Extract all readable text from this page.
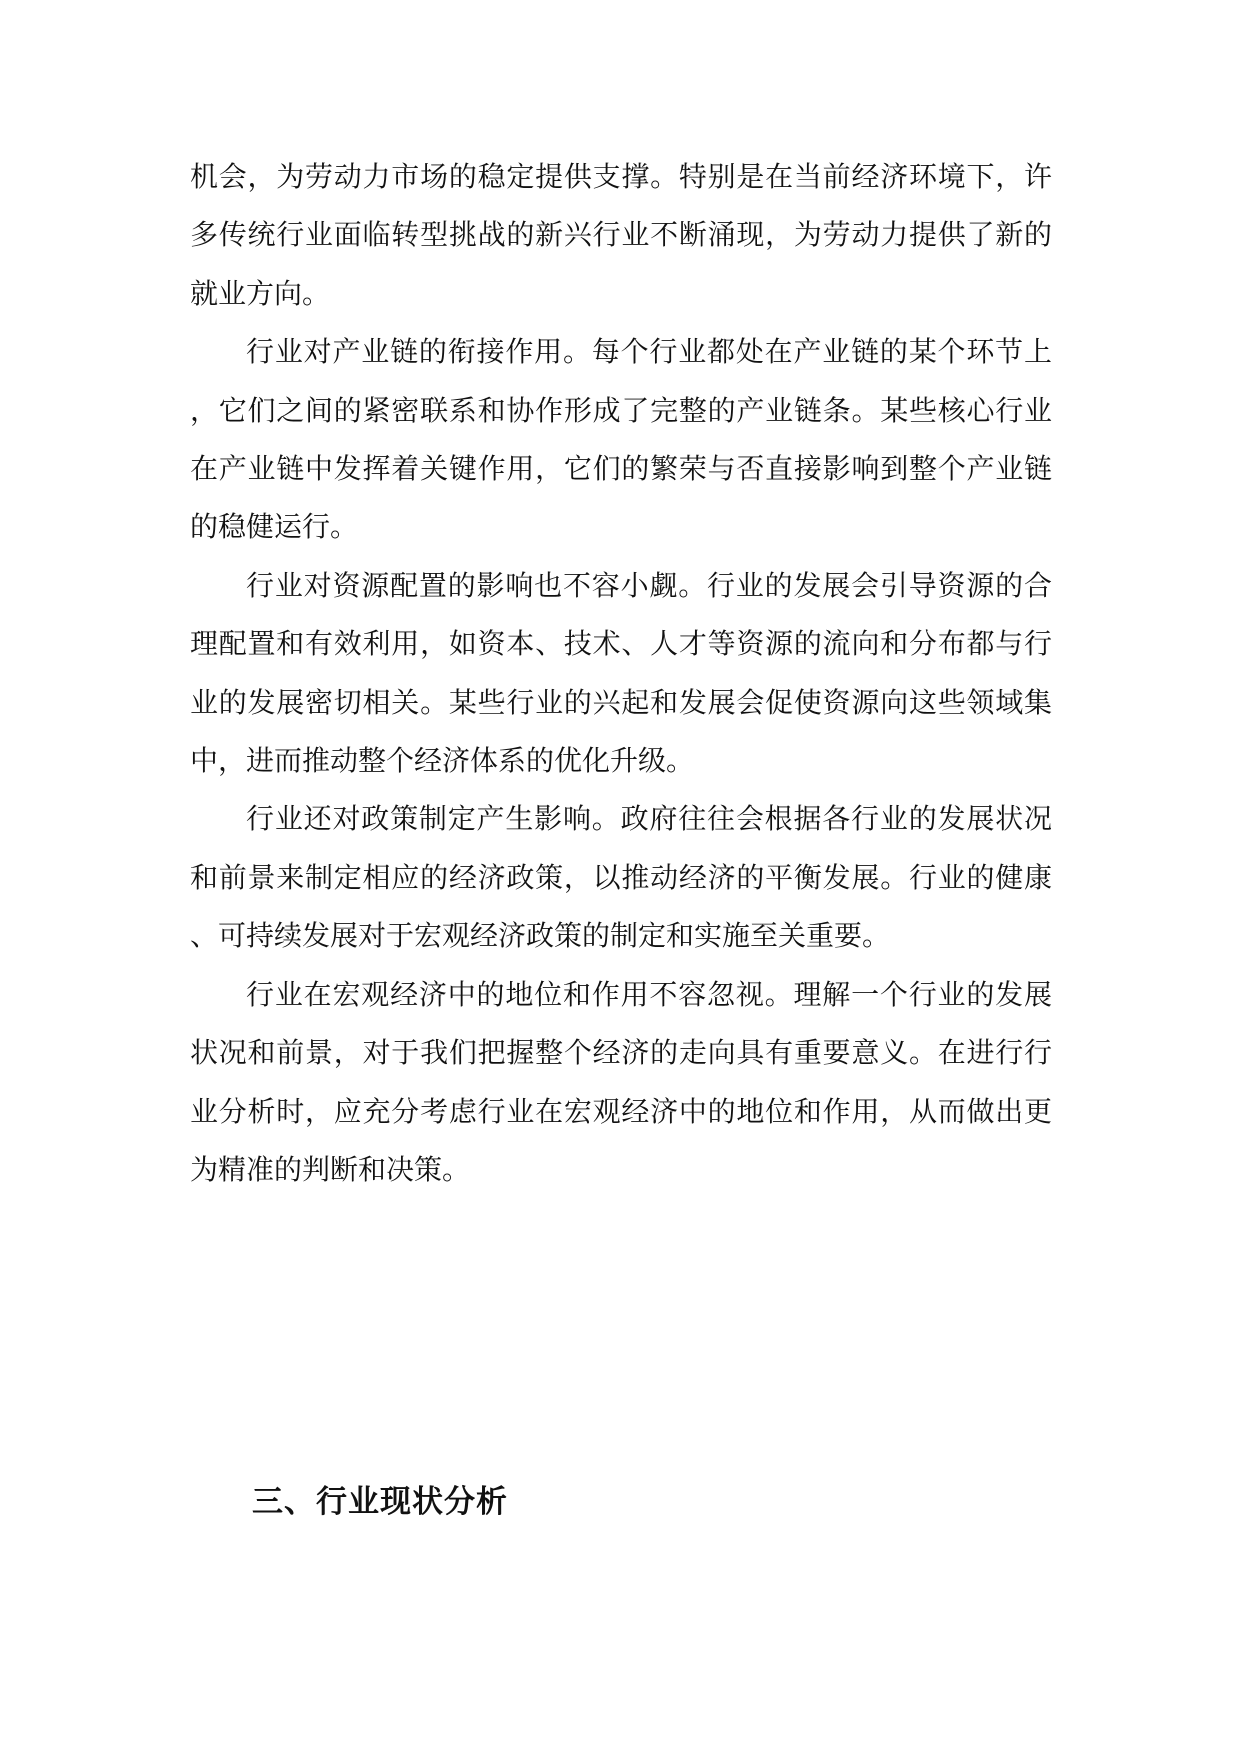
机会，为劳动力市场的稳定提供支撑。特别是在当前经济环境下，许多传统行业面临转型挑战的新兴行业不断涌现，为劳动力提供了新的就业方向。

行业对产业链的衔接作用。每个行业都处在产业链的某个环节上，它们之间的紧密联系和协作形成了完整的产业链条。某些核心行业在产业链中发挥着关键作用，它们的繁荣与否直接影响到整个产业链的稳健运行。

行业对资源配置的影响也不容小觑。行业的发展会引导资源的合理配置和有效利用，如资本、技术、人才等资源的流向和分布都与行业的发展密切相关。某些行业的兴起和发展会促使资源向这些领域集中，进而推动整个经济体系的优化升级。

行业还对政策制定产生影响。政府往往会根据各行业的发展状况和前景来制定相应的经济政策，以推动经济的平衡发展。行业的健康、可持续发展对于宏观经济政策的制定和实施至关重要。

行业在宏观经济中的地位和作用不容忽视。理解一个行业的发展状况和前景，对于我们把握整个经济的走向具有重要意义。在进行行业分析时，应充分考虑行业在宏观经济中的地位和作用，从而做出更为精准的判断和决策。

三、行业现状分析
